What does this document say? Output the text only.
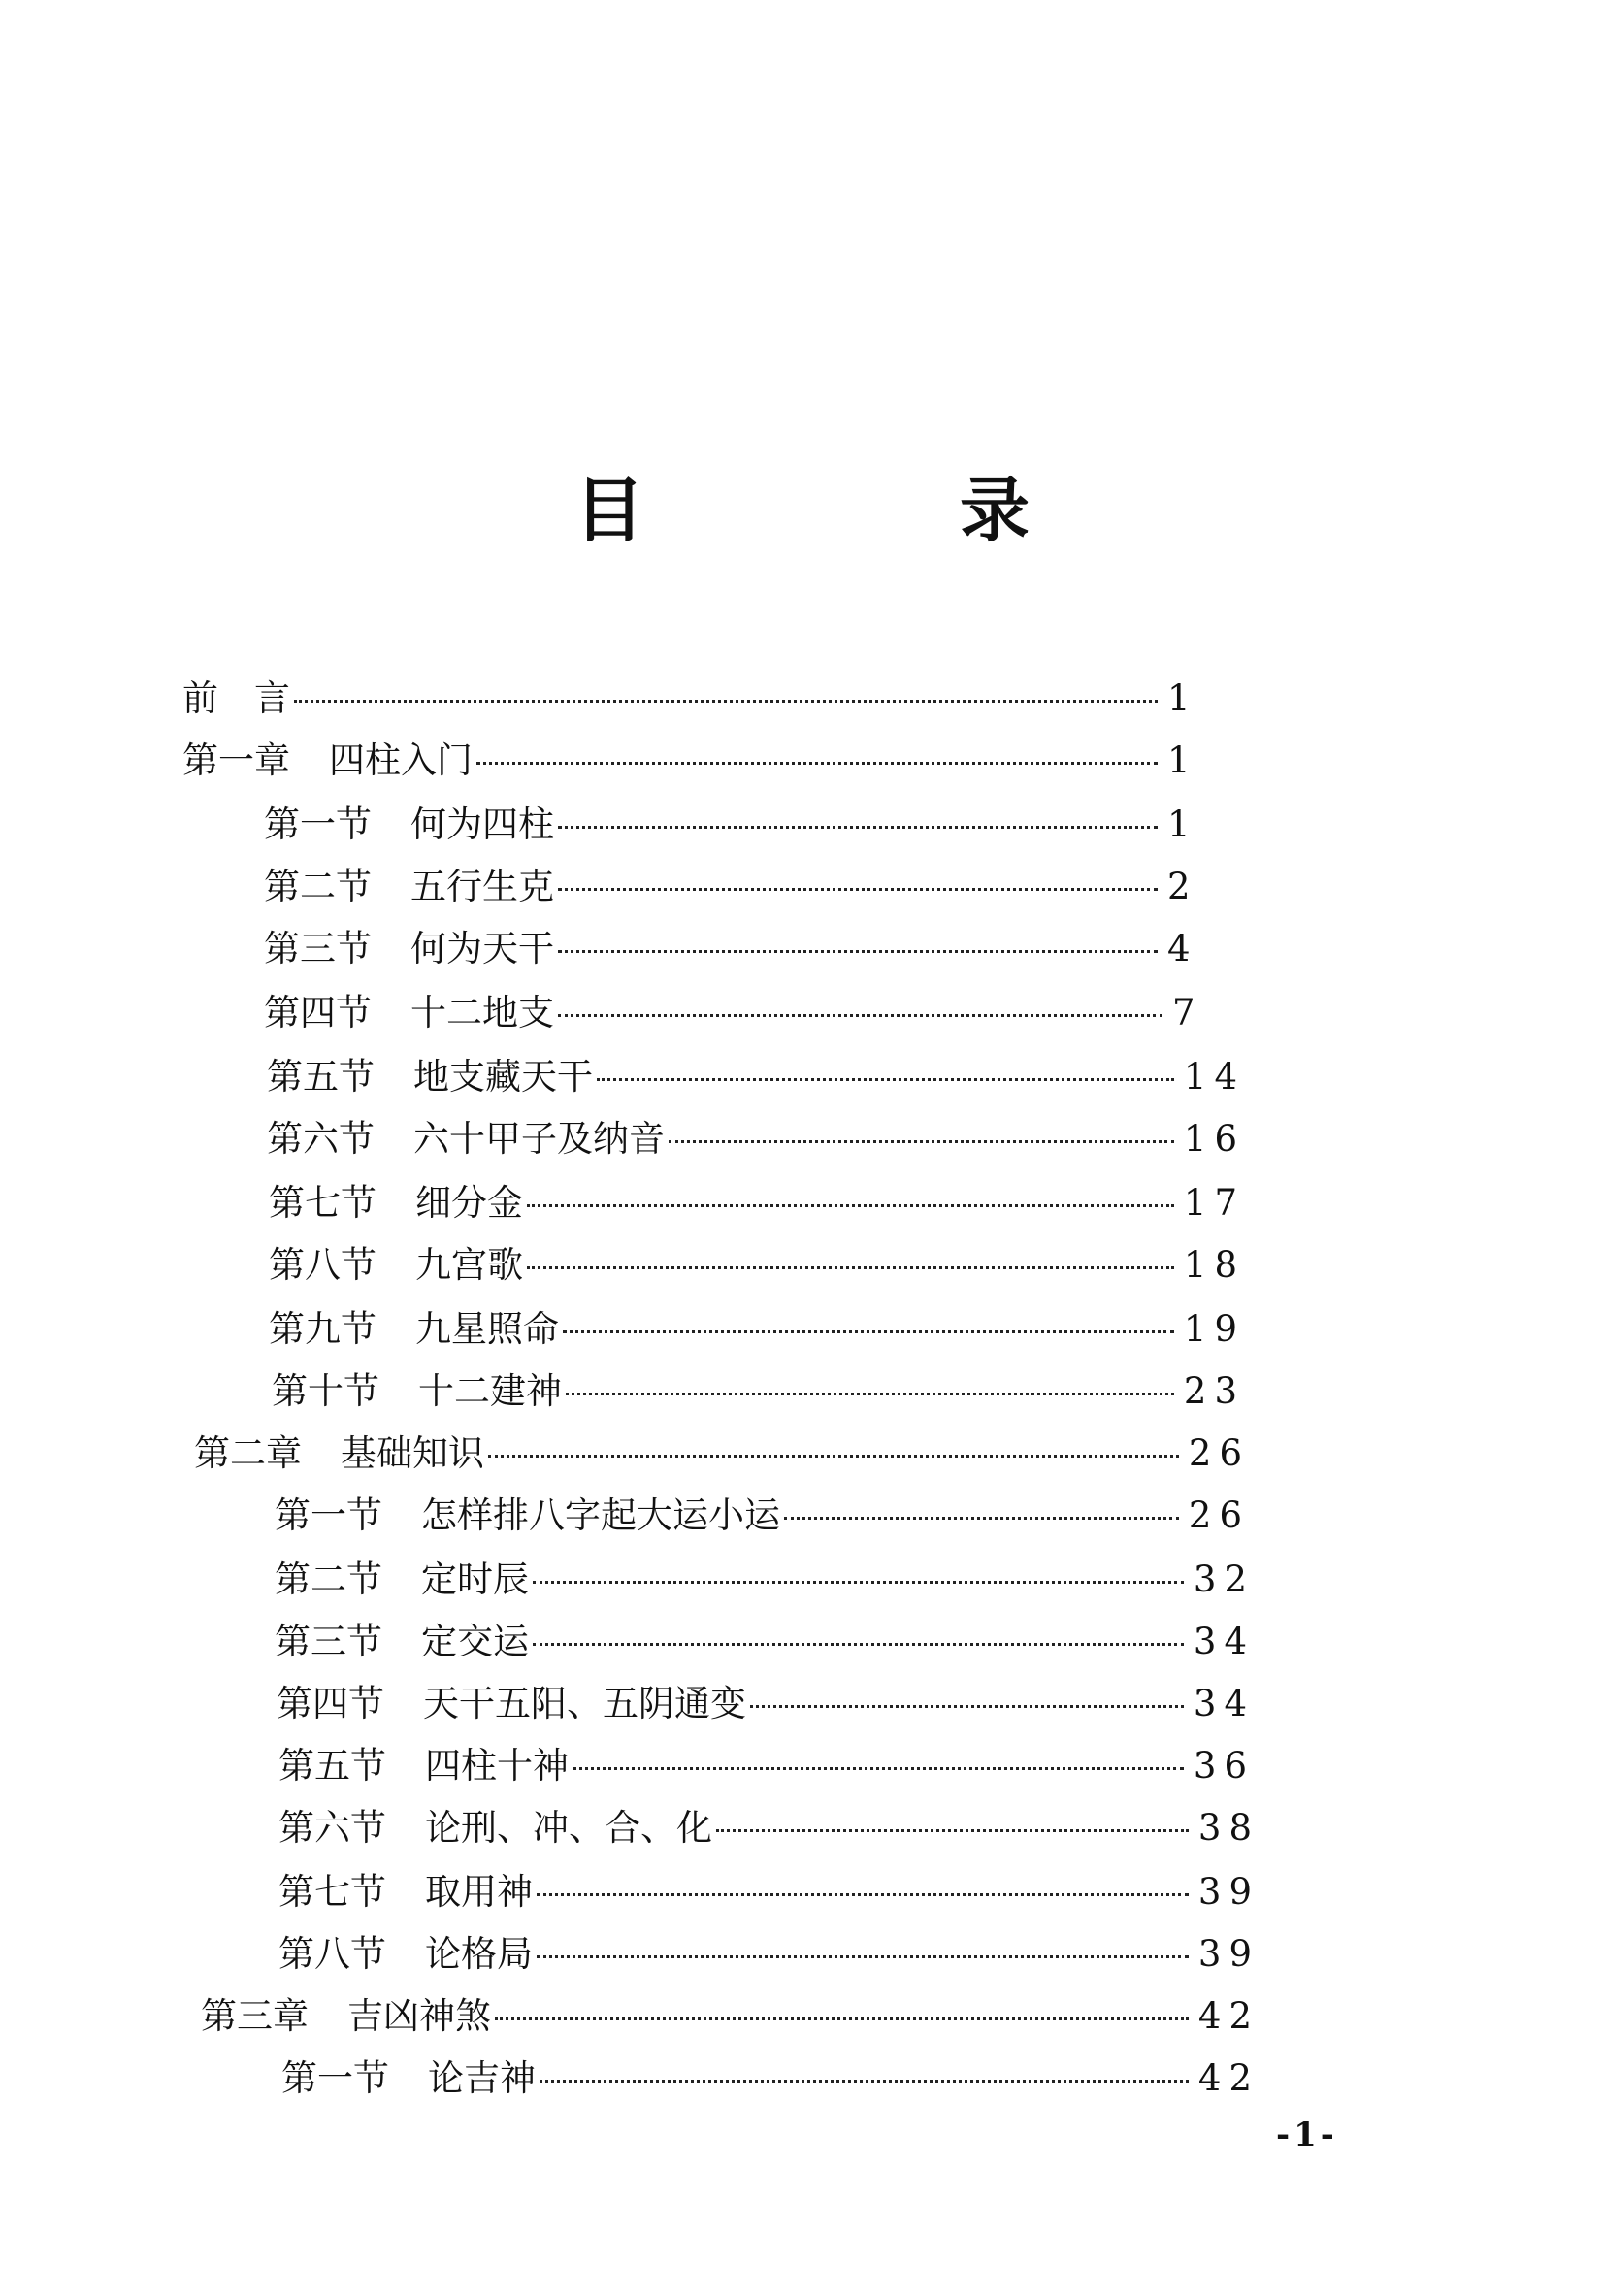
目 录
前　言	1
第一章	四柱入门	1
第一节	何为四柱	1
第二节	五行生克	2
第三节	何为天干	4
第四节	十二地支	7
第五节	地支藏天干	14
第六节	六十甲子及纳音	16
第七节	细分金	17
第八节	九宫歌	18
第九节	九星照命	19
第十节	十二建神	23
第二章	基础知识	26
第一节	怎样排八字起大运小运	26
第二节	定时辰	32
第三节	定交运	34
第四节	天干五阳、五阴通变	34
第五节	四柱十神	36
第六节	论刑、冲、合、化	38
第七节	取用神	39
第八节	论格局	39
第三章	吉凶神煞	42
第一节	论吉神	42
-1-
